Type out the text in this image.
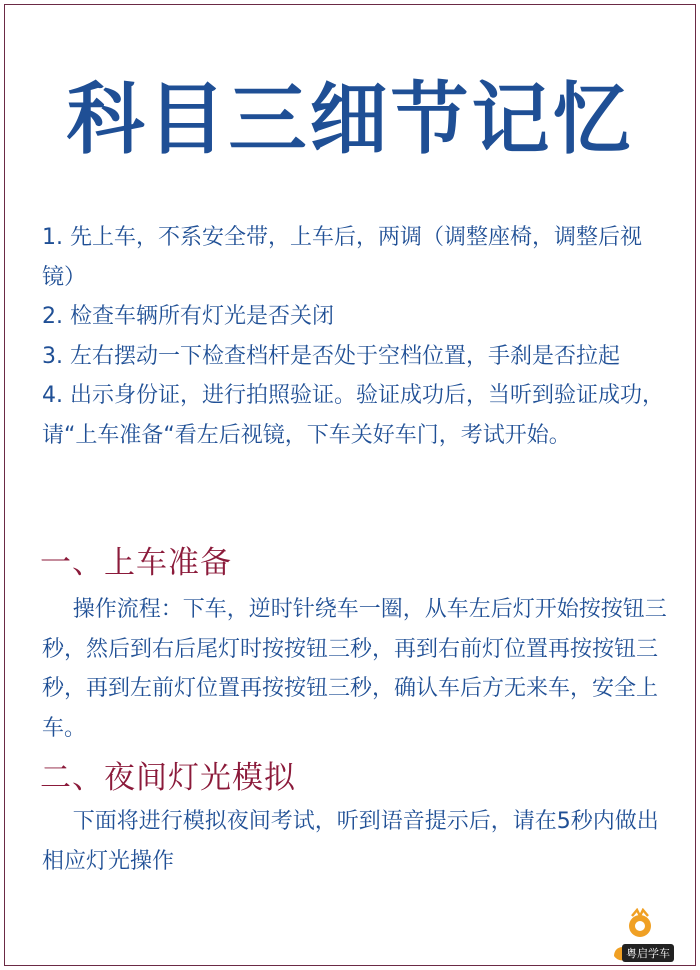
科目三细节记忆

1. 先上车，不系安全带，上车后，两调（调整座椅，调整后视镜）

2. 检查车辆所有灯光是否关闭

3. 左右摆动一下检查档杆是否处于空档位置，手刹是否拉起

4. 出示身份证，进行拍照验证。验证成功后，当听到验证成功，请“上车准备“看左后视镜，下车关好车门，考试开始。

一、上车准备

操作流程：下车，逆时针绕车一圈，从车左后灯开始按按钮三秒，然后到右后尾灯时按按钮三秒，再到右前灯位置再按按钮三秒，再到左前灯位置再按按钮三秒，确认车后方无来车，安全上车。

二、夜间灯光模拟

下面将进行模拟夜间考试，听到语音提示后，请在5秒内做出相应灯光操作

粤启学车
